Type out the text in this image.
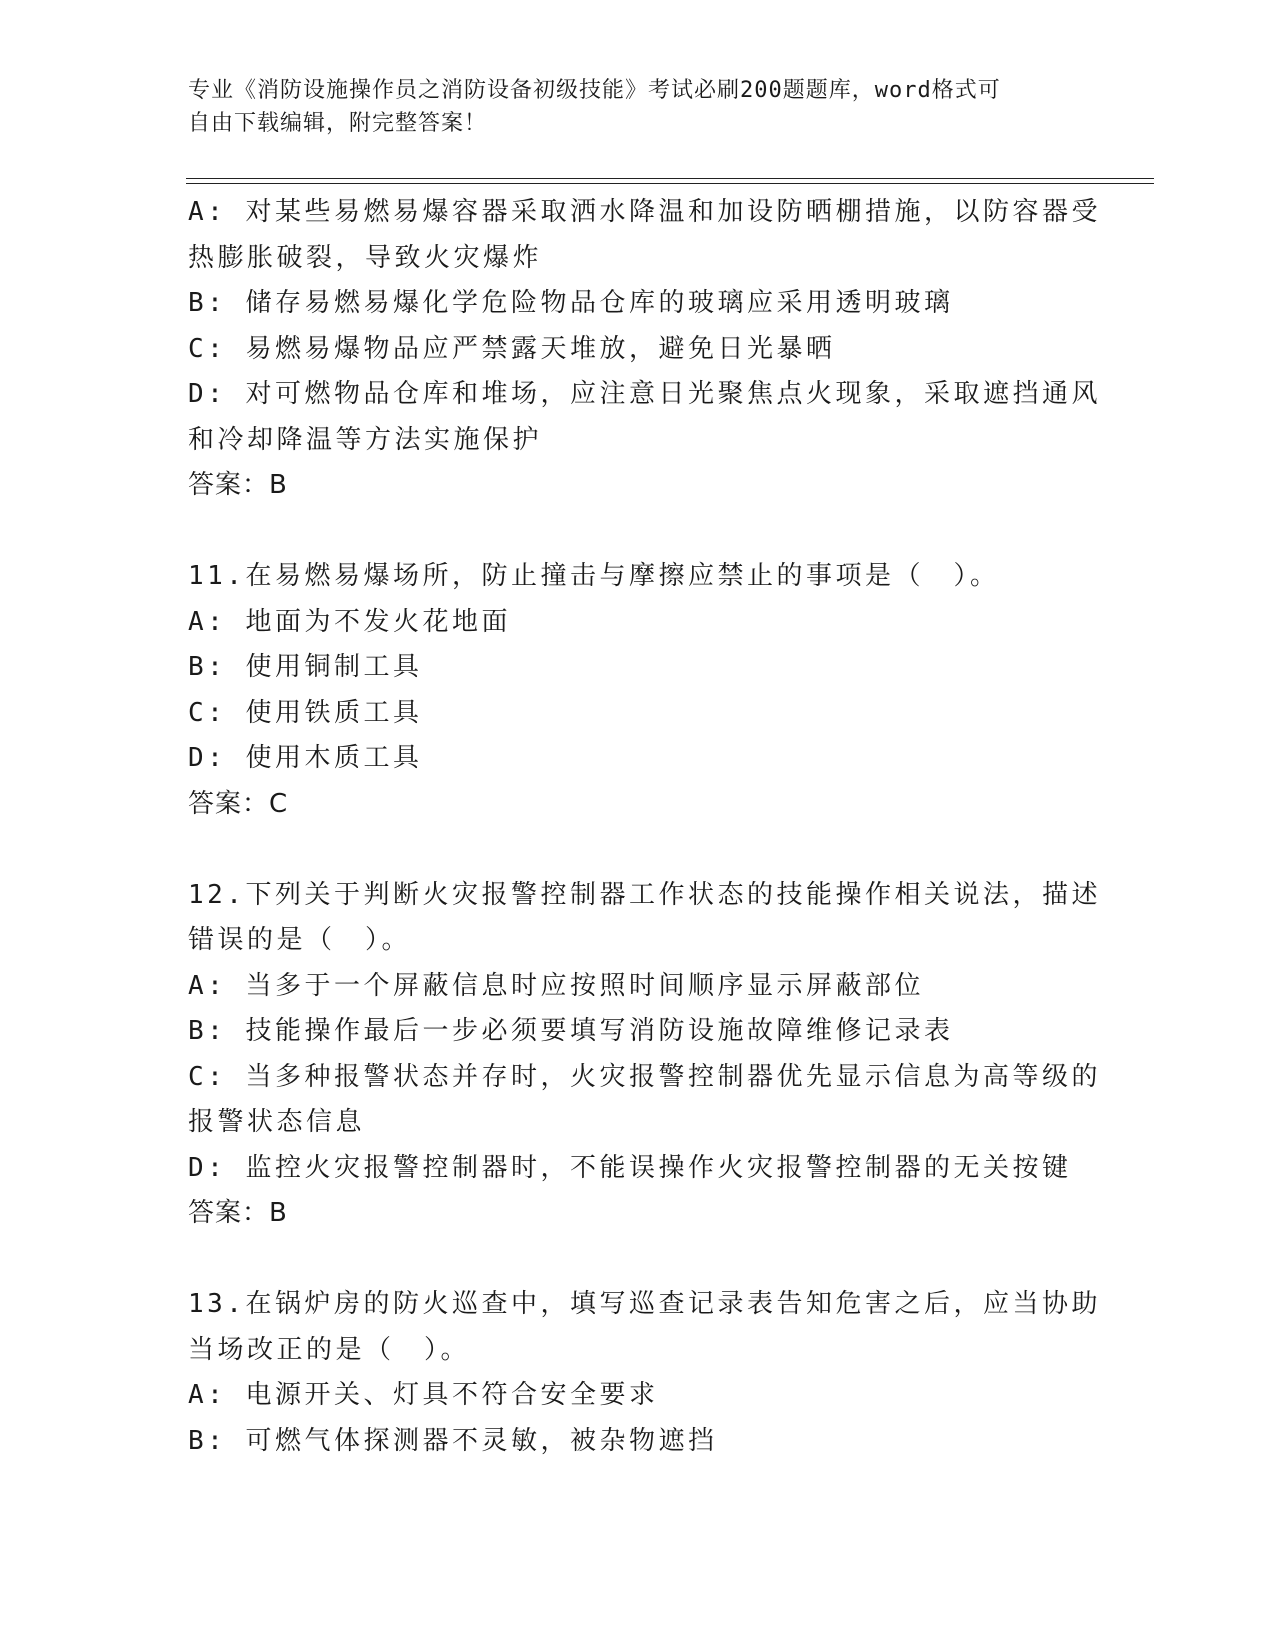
专业《消防设施操作员之消防设备初级技能》考试必刷200题题库，word格式可
自由下载编辑，附完整答案！
A: 对某些易燃易爆容器采取洒水降温和加设防晒棚措施，以防容器受
热膨胀破裂，导致火灾爆炸
B: 储存易燃易爆化学危险物品仓库的玻璃应采用透明玻璃
C: 易燃易爆物品应严禁露天堆放，避免日光暴晒
D: 对可燃物品仓库和堆场，应注意日光聚焦点火现象，采取遮挡通风
和冷却降温等方法实施保护
答案：B
11.在易燃易爆场所，防止撞击与摩擦应禁止的事项是（　）。
A: 地面为不发火花地面
B: 使用铜制工具
C: 使用铁质工具
D: 使用木质工具
答案：C
12.下列关于判断火灾报警控制器工作状态的技能操作相关说法，描述
错误的是（　）。
A: 当多于一个屏蔽信息时应按照时间顺序显示屏蔽部位
B: 技能操作最后一步必须要填写消防设施故障维修记录表
C: 当多种报警状态并存时，火灾报警控制器优先显示信息为高等级的
报警状态信息
D: 监控火灾报警控制器时，不能误操作火灾报警控制器的无关按键
答案：B
13.在锅炉房的防火巡查中，填写巡查记录表告知危害之后，应当协助
当场改正的是（　）。
A: 电源开关、灯具不符合安全要求
B: 可燃气体探测器不灵敏，被杂物遮挡
